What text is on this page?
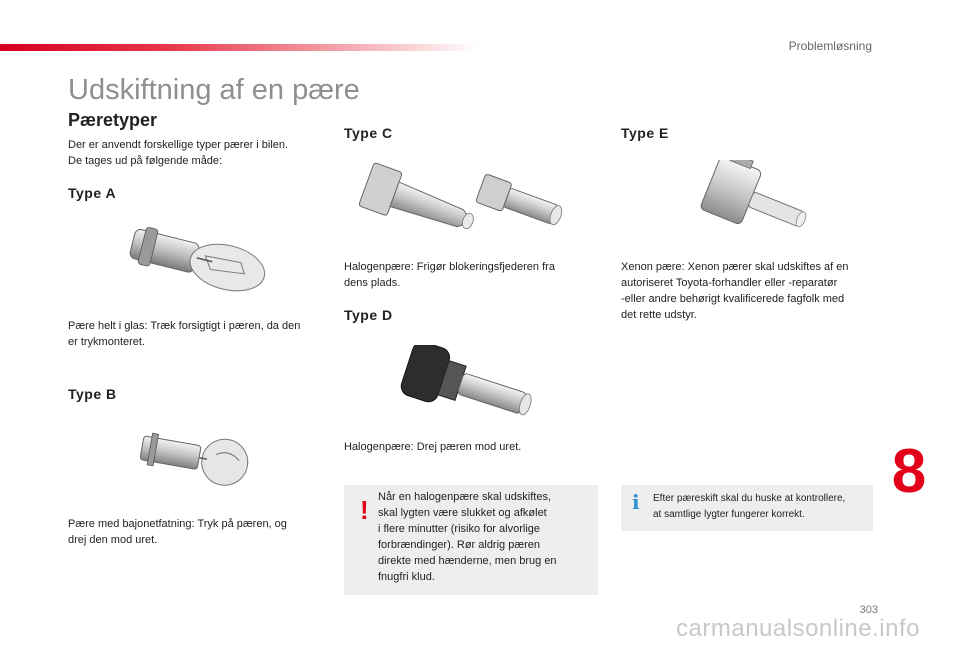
Problemløsning
Udskiftning af en pære
Pæretyper
Der er anvendt forskellige typer pærer i bilen.
De tages ud på følgende måde:
Type A
Pære helt i glas: Træk forsigtigt i pæren, da den
er trykmonteret.
Type B
Pære med bajonetfatning: Tryk på pæren, og
drej den mod uret.
Type C
Halogenpære: Frigør blokeringsfjederen fra
dens plads.
Type D
Halogenpære: Drej pæren mod uret.
Type E
Xenon pære: Xenon pærer skal udskiftes af en
autoriseret Toyota-forhandler eller -reparatør
-eller andre behørigt kvalificerede fagfolk med
det rette udstyr.
! Når en halogenpære skal udskiftes,
skal lygten være slukket og afkølet
i flere minutter (risiko for alvorlige
forbrændinger). Rør aldrig pæren
direkte med hænderne, men brug en
fnugfri klud.
i Efter pæreskift skal du huske at kontrollere,
at samtlige lygter fungerer korrekt.
8
303
carmanualsonline.info
